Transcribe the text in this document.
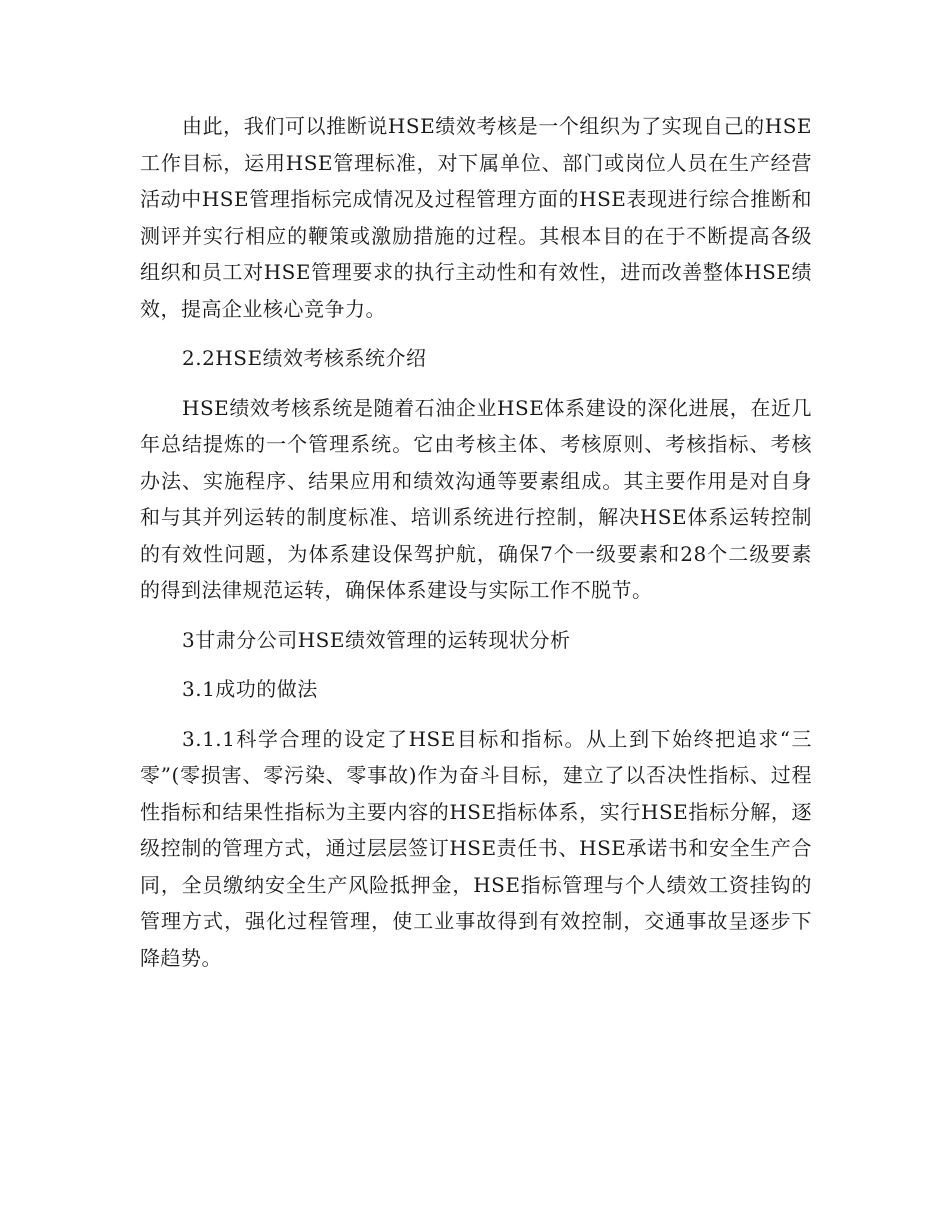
由此，我们可以推断说HSE绩效考核是一个组织为了实现自己的HSE工作目标，运用HSE管理标准，对下属单位、部门或岗位人员在生产经营活动中HSE管理指标完成情况及过程管理方面的HSE表现进行综合推断和测评并实行相应的鞭策或激励措施的过程。其根本目的在于不断提高各级组织和员工对HSE管理要求的执行主动性和有效性，进而改善整体HSE绩效，提高企业核心竞争力。

2.2HSE绩效考核系统介绍

HSE绩效考核系统是随着石油企业HSE体系建设的深化进展，在近几年总结提炼的一个管理系统。它由考核主体、考核原则、考核指标、考核办法、实施程序、结果应用和绩效沟通等要素组成。其主要作用是对自身和与其并列运转的制度标准、培训系统进行控制，解决HSE体系运转控制的有效性问题，为体系建设保驾护航，确保7个一级要素和28个二级要素的得到法律规范运转，确保体系建设与实际工作不脱节。

3甘肃分公司HSE绩效管理的运转现状分析

3.1成功的做法

3.1.1科学合理的设定了HSE目标和指标。从上到下始终把追求“三零”(零损害、零污染、零事故)作为奋斗目标，建立了以否决性指标、过程性指标和结果性指标为主要内容的HSE指标体系，实行HSE指标分解，逐级控制的管理方式，通过层层签订HSE责任书、HSE承诺书和安全生产合同，全员缴纳安全生产风险抵押金，HSE指标管理与个人绩效工资挂钩的管理方式，强化过程管理，使工业事故得到有效控制，交通事故呈逐步下降趋势。
